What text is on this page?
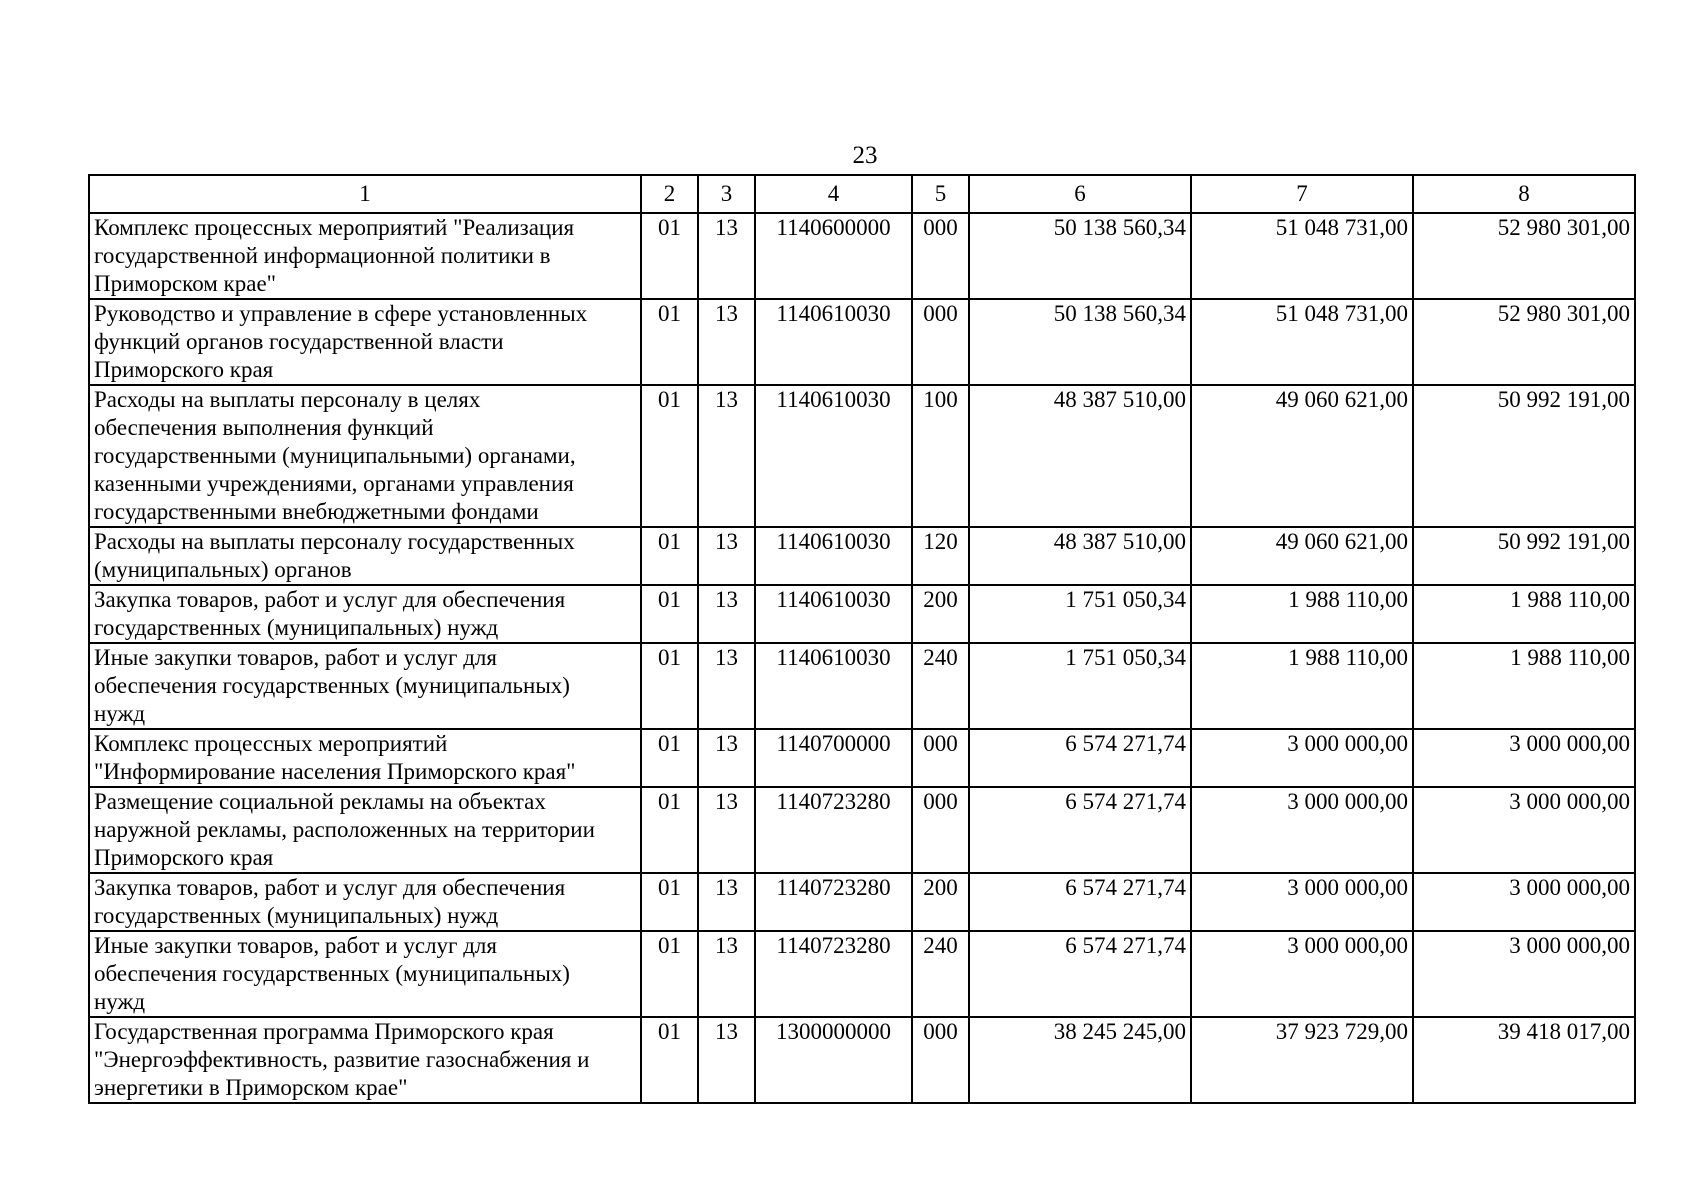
23
1	2	3	4	5	6	7	8

Комплекс процессных мероприятий "Реализация
государственной информационной политики в
Приморском крае"	01	13	1140600000	000	50 138 560,34	51 048 731,00	52 980 301,00

Руководство и управление в сфере установленных
функций органов государственной власти
Приморского края	01	13	1140610030	000	50 138 560,34	51 048 731,00	52 980 301,00

Расходы на выплаты персоналу в целях
обеспечения выполнения функций
государственными (муниципальными) органами,
казенными учреждениями, органами управления
государственными внебюджетными фондами	01	13	1140610030	100	48 387 510,00	49 060 621,00	50 992 191,00

Расходы на выплаты персоналу государственных
(муниципальных) органов	01	13	1140610030	120	48 387 510,00	49 060 621,00	50 992 191,00

Закупка товаров, работ и услуг для обеспечения
государственных (муниципальных) нужд	01	13	1140610030	200	1 751 050,34	1 988 110,00	1 988 110,00

Иные закупки товаров, работ и услуг для
обеспечения государственных (муниципальных)
нужд	01	13	1140610030	240	1 751 050,34	1 988 110,00	1 988 110,00

Комплекс процессных мероприятий
"Информирование населения Приморского края"	01	13	1140700000	000	6 574 271,74	3 000 000,00	3 000 000,00

Размещение социальной рекламы на объектах
наружной рекламы, расположенных на территории
Приморского края	01	13	1140723280	000	6 574 271,74	3 000 000,00	3 000 000,00

Закупка товаров, работ и услуг для обеспечения
государственных (муниципальных) нужд	01	13	1140723280	200	6 574 271,74	3 000 000,00	3 000 000,00

Иные закупки товаров, работ и услуг для
обеспечения государственных (муниципальных)
нужд	01	13	1140723280	240	6 574 271,74	3 000 000,00	3 000 000,00

Государственная программа Приморского края
"Энергоэффективность, развитие газоснабжения и
энергетики в Приморском крае"	01	13	1300000000	000	38 245 245,00	37 923 729,00	39 418 017,00
